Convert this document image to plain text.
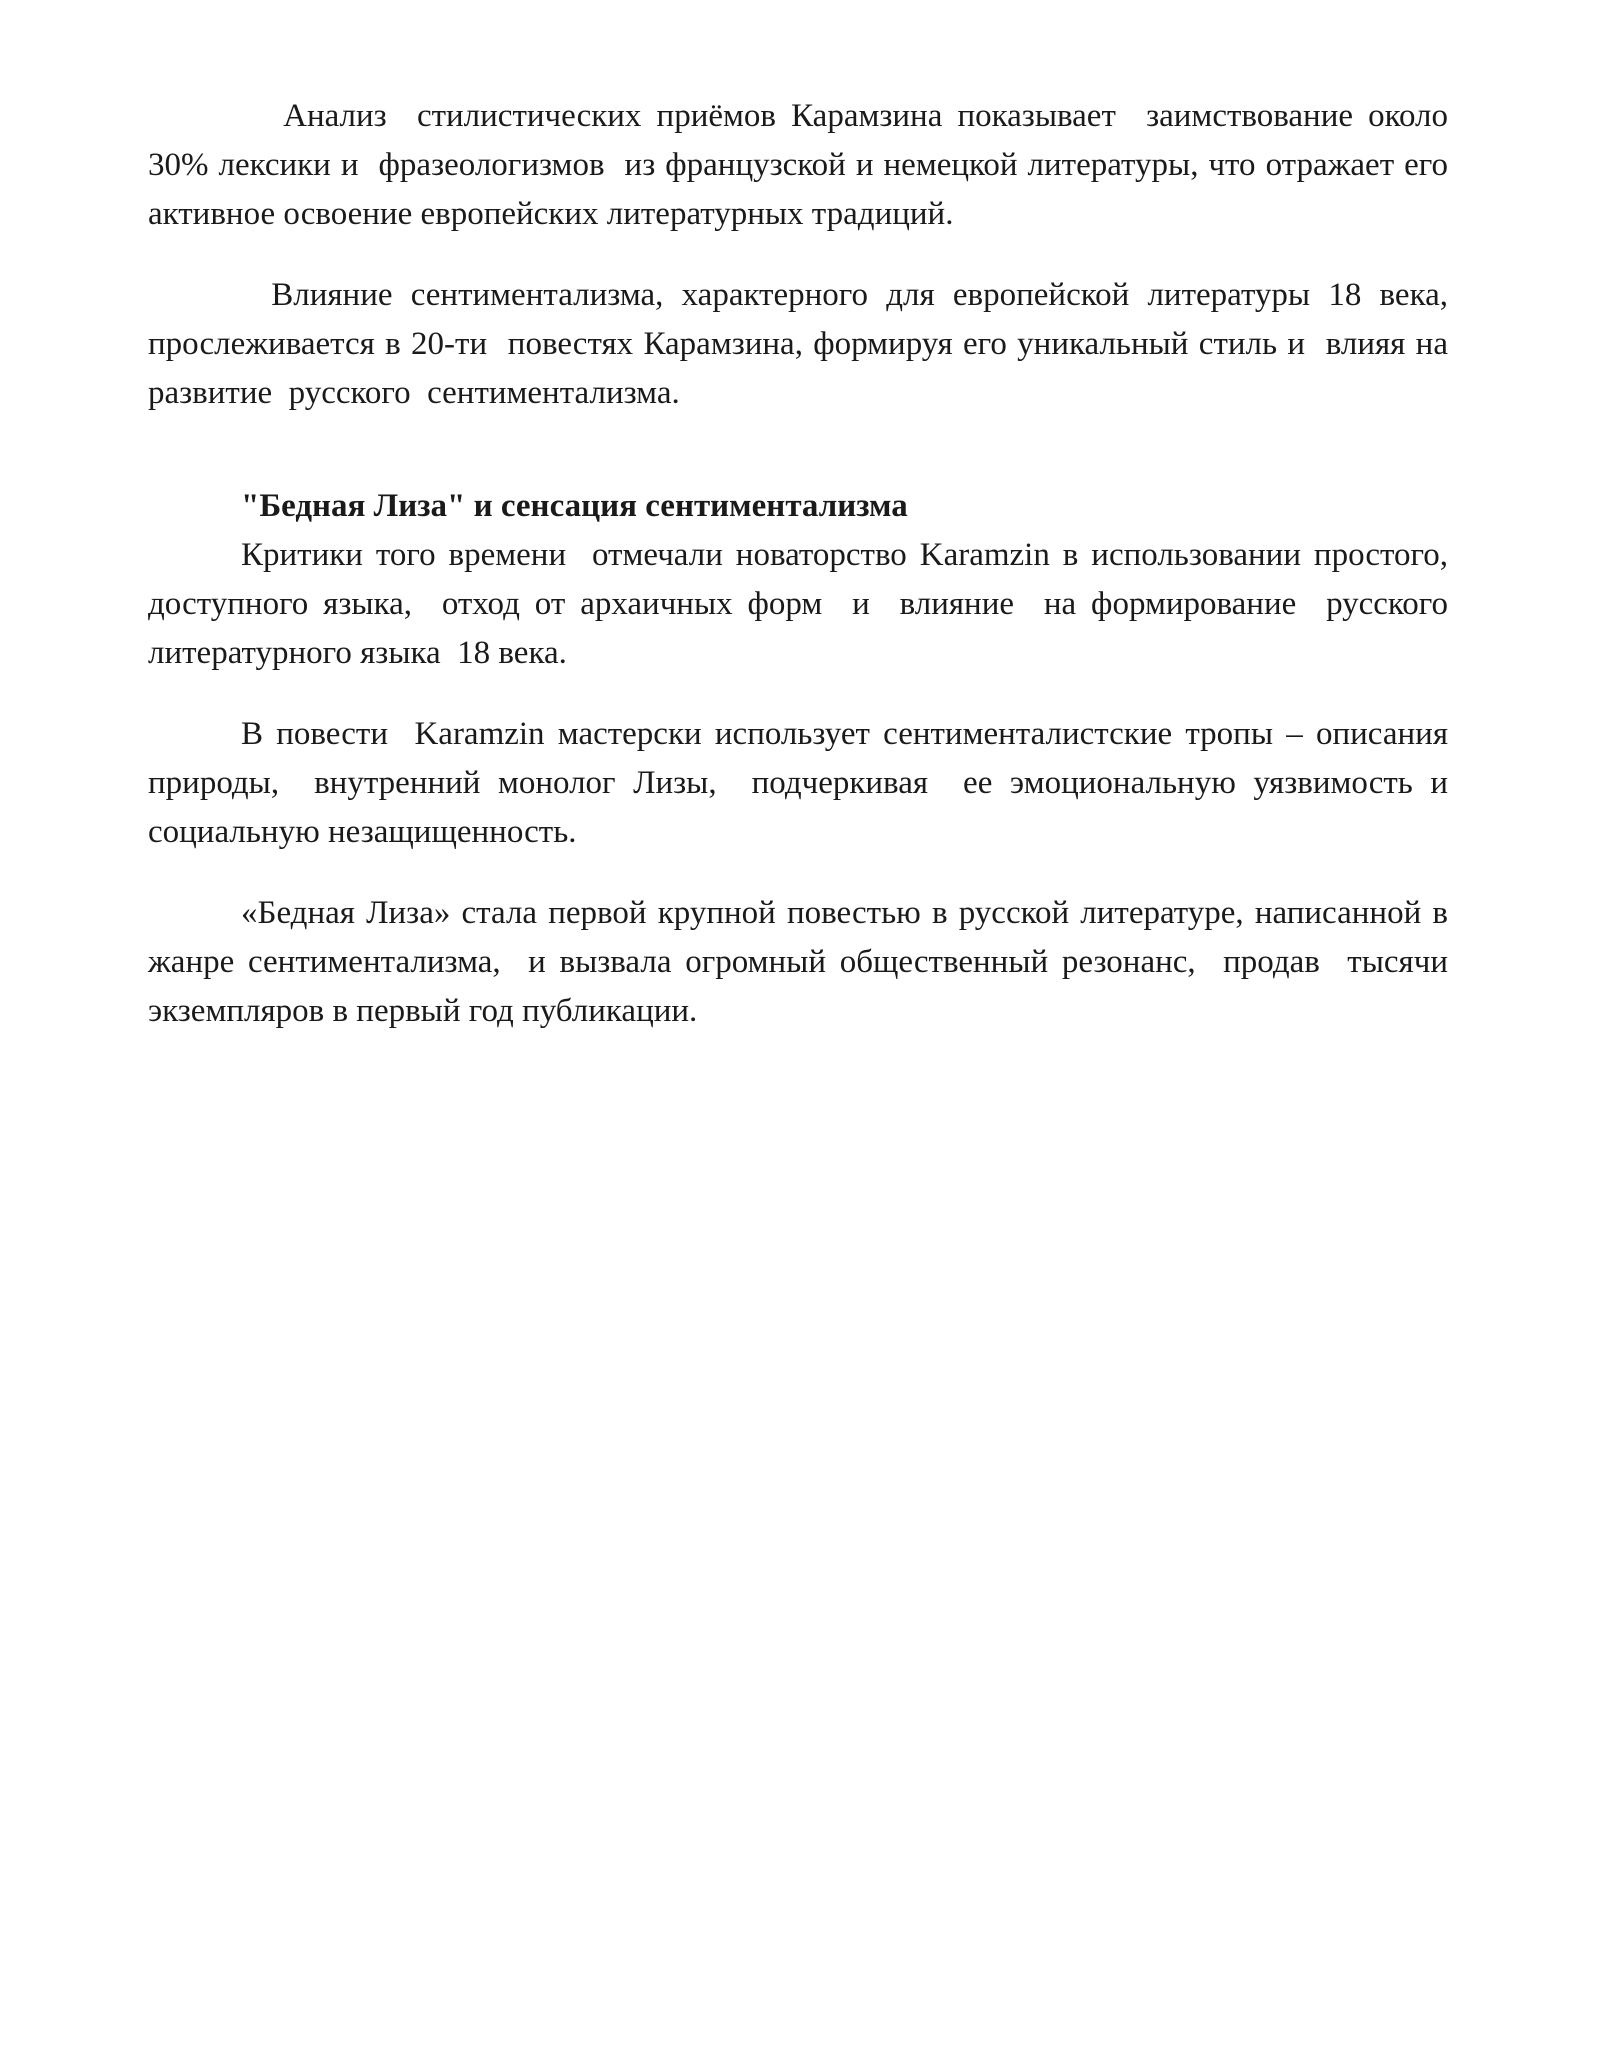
Анализ  стилистических приёмов Карамзина показывает  заимствование около 30% лексики и  фразеологизмов  из французской и немецкой литературы, что отражает его  активное освоение европейских литературных традиций.

Влияние сентиментализма, характерного для европейской литературы 18 века, прослеживается в 20-ти  повестях Карамзина, формируя его уникальный стиль и  влияя на развитие  русского  сентиментализма.

"Бедная Лиза" и сенсация сентиментализма

Критики того времени  отмечали новаторство Karamzin в использовании простого,  доступного языка,  отход от архаичных форм  и  влияние  на формирование  русского литературного языка  18 века.

В повести  Karamzin мастерски использует сентименталистские тропы – описания природы,  внутренний монолог Лизы,  подчеркивая  ее эмоциональную уязвимость и  социальную незащищенность.

«Бедная Лиза» стала первой крупной повестью в русской литературе, написанной в жанре сентиментализма,  и вызвала огромный общественный резонанс,  продав  тысячи экземпляров в первый год публикации.
